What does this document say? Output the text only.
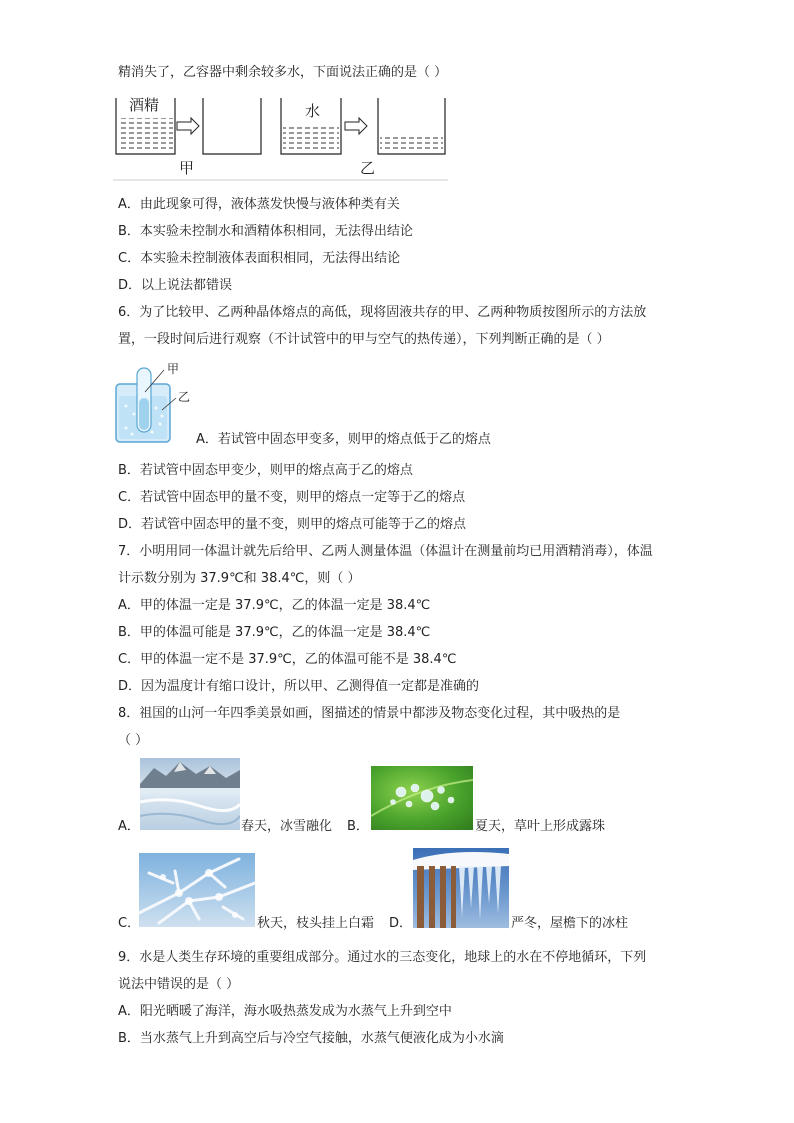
精消失了，乙容器中剩余较多水，下面说法正确的是（ ）
酒精	水
甲	乙
A．由此现象可得，液体蒸发快慢与液体种类有关
B．本实验未控制水和酒精体积相同，无法得出结论
C．本实验未控制液体表面积相同，无法得出结论
D．以上说法都错误
6．为了比较甲、乙两种晶体熔点的高低，现将固液共存的甲、乙两种物质按图所示的方法放
置，一段时间后进行观察（不计试管中的甲与空气的热传递），下列判断正确的是（ ）
甲
乙
A．若试管中固态甲变多，则甲的熔点低于乙的熔点
B．若试管中固态甲变少，则甲的熔点高于乙的熔点
C．若试管中固态甲的量不变，则甲的熔点一定等于乙的熔点
D．若试管中固态甲的量不变，则甲的熔点可能等于乙的熔点
7．小明用同一体温计就先后给甲、乙两人测量体温（体温计在测量前均已用酒精消毒），体温
计示数分别为 37.9℃和 38.4℃，则（ ）
A．甲的体温一定是 37.9℃，乙的体温一定是 38.4℃
B．甲的体温可能是 37.9℃，乙的体温一定是 38.4℃
C．甲的体温一定不是 37.9℃，乙的体温可能不是 38.4℃
D．因为温度计有缩口设计，所以甲、乙测得值一定都是准确的
8．祖国的山河一年四季美景如画，图描述的情景中都涉及物态变化过程，其中吸热的是
（ ）
A．	春天，冰雪融化 B．	夏天，草叶上形成露珠
C．	秋天，枝头挂上白霜 D．	严冬，屋檐下的冰柱
9．水是人类生存环境的重要组成部分。通过水的三态变化，地球上的水在不停地循环，下列
说法中错误的是（ ）
A．阳光晒暖了海洋，海水吸热蒸发成为水蒸气上升到空中
B．当水蒸气上升到高空后与冷空气接触，水蒸气便液化成为小水滴
